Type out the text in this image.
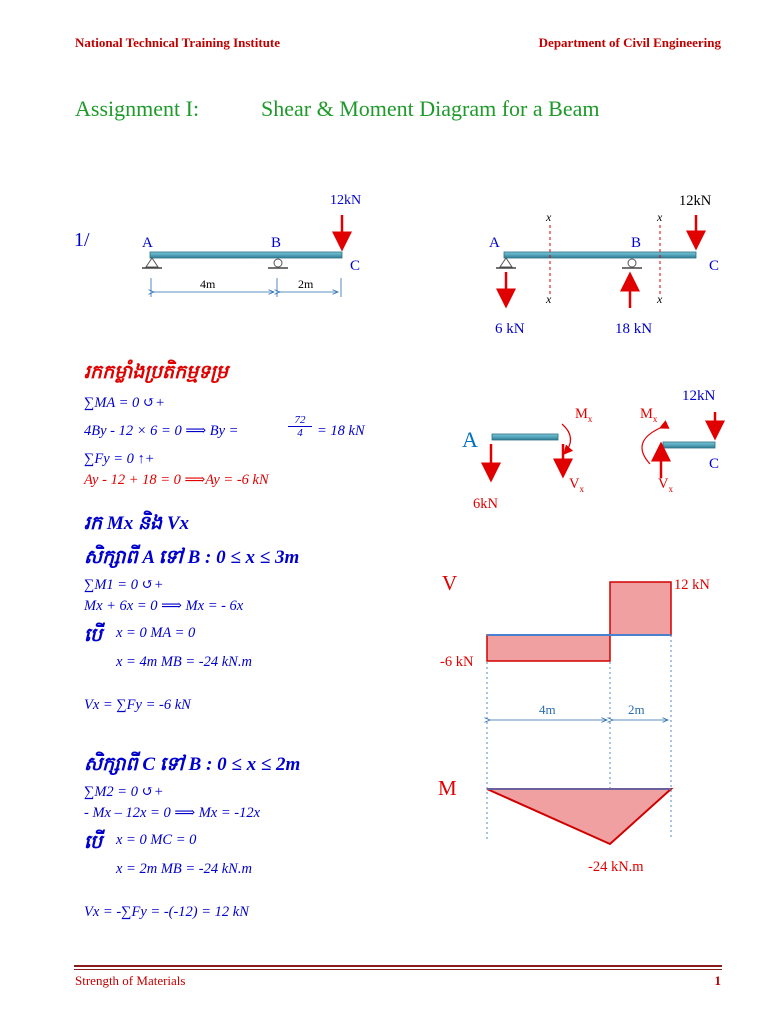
National Technical Training Institute	Department of Civil Engineering
Assignment I:	Shear & Moment Diagram for a Beam
1/
12kN
A	B
C
4m	2m
12kN
A	B
C
x	x
x	x
6 kN	18 kN
A
C
12kN
6kN
$M_x$	$M_x$
$V_x$	$V_x$
រកកម្លាំងប្រតិកម្មទម្រ
∑MA = 0 ↺+
4By - 12 × 6 = 0 ⟹ By =	$\frac{72}{4} = 18$ kN
∑Fy = 0 ↑+
Ay - 12 + 18 = 0 ⟹Ay = -6 kN
រក Mx និង Vx
សិក្សាពី A ទៅ B : 0 ≤ x ≤ 3m
∑M1 = 0 ↺+
Mx + 6x = 0 ⟹ Mx = - 6x
បើ x = 0 MA = 0
x = 4m MB = -24 kN.m
Vx = ∑Fy = -6 kN
សិក្សាពី C ទៅ B : 0 ≤ x ≤ 2m
∑M2 = 0 ↺+
- Mx – 12x = 0 ⟹ Mx = -12x
បើ x = 0 MC = 0
x = 2m MB = -24 kN.m
Vx = -∑Fy = -(-12) = 12 kN
V	12 kN
-6 kN
4m	2m
M
-24 kN.m
Strength of Materials	1
